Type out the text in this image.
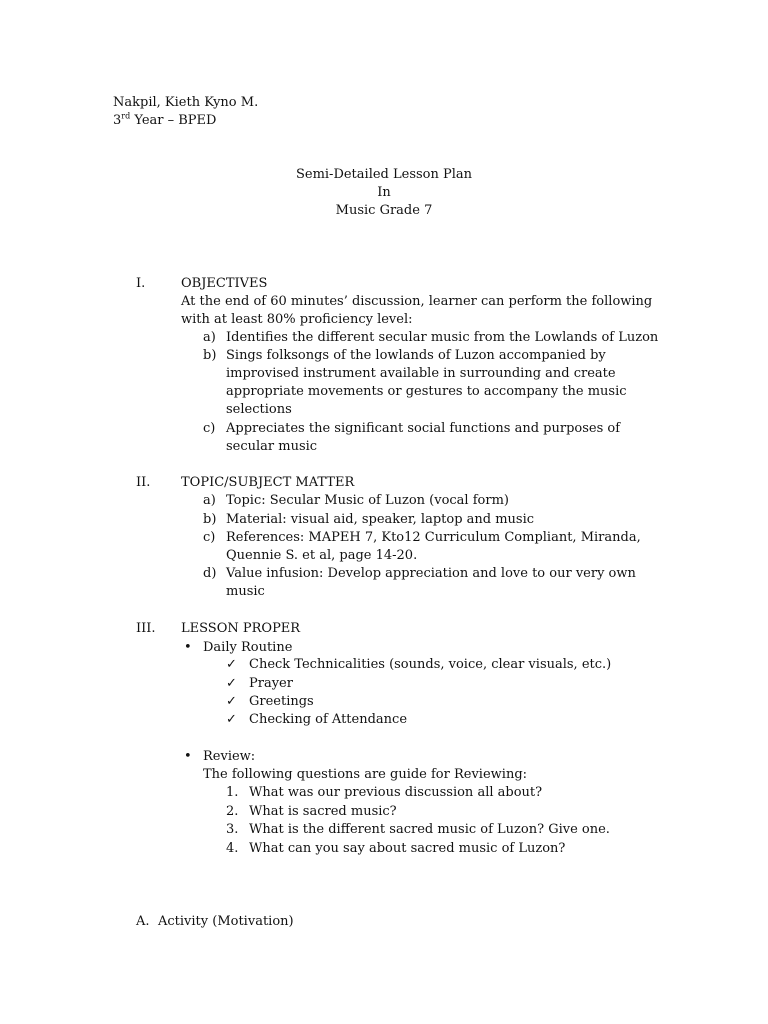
Nakpil, Kieth Kyno M.
3rd Year – BPED
Semi-Detailed Lesson Plan
In
Music Grade 7
I.	OBJECTIVES
At the end of 60 minutes’ discussion, learner can perform the following
with at least 80% proficiency level:
a) Identifies the different secular music from the Lowlands of Luzon
b) Sings folksongs of the lowlands of Luzon accompanied by
improvised instrument available in surrounding and create
appropriate movements or gestures to accompany the music
selections
c) Appreciates the significant social functions and purposes of
secular music
II. TOPIC/SUBJECT MATTER
a) Topic: Secular Music of Luzon (vocal form)
b) Material: visual aid, speaker, laptop and music
c) References: MAPEH 7, Kto12 Curriculum Compliant, Miranda,
Quennie S. et al, page 14-20.
d) Value infusion: Develop appreciation and love to our very own
music
III. LESSON PROPER
• Daily Routine
✓ Check Technicalities (sounds, voice, clear visuals, etc.)
✓ Prayer
✓ Greetings
✓ Checking of Attendance
• Review:
The following questions are guide for Reviewing:
1. What was our previous discussion all about?
2. What is sacred music?
3. What is the different sacred music of Luzon? Give one.
4. What can you say about sacred music of Luzon?
A. Activity (Motivation)
